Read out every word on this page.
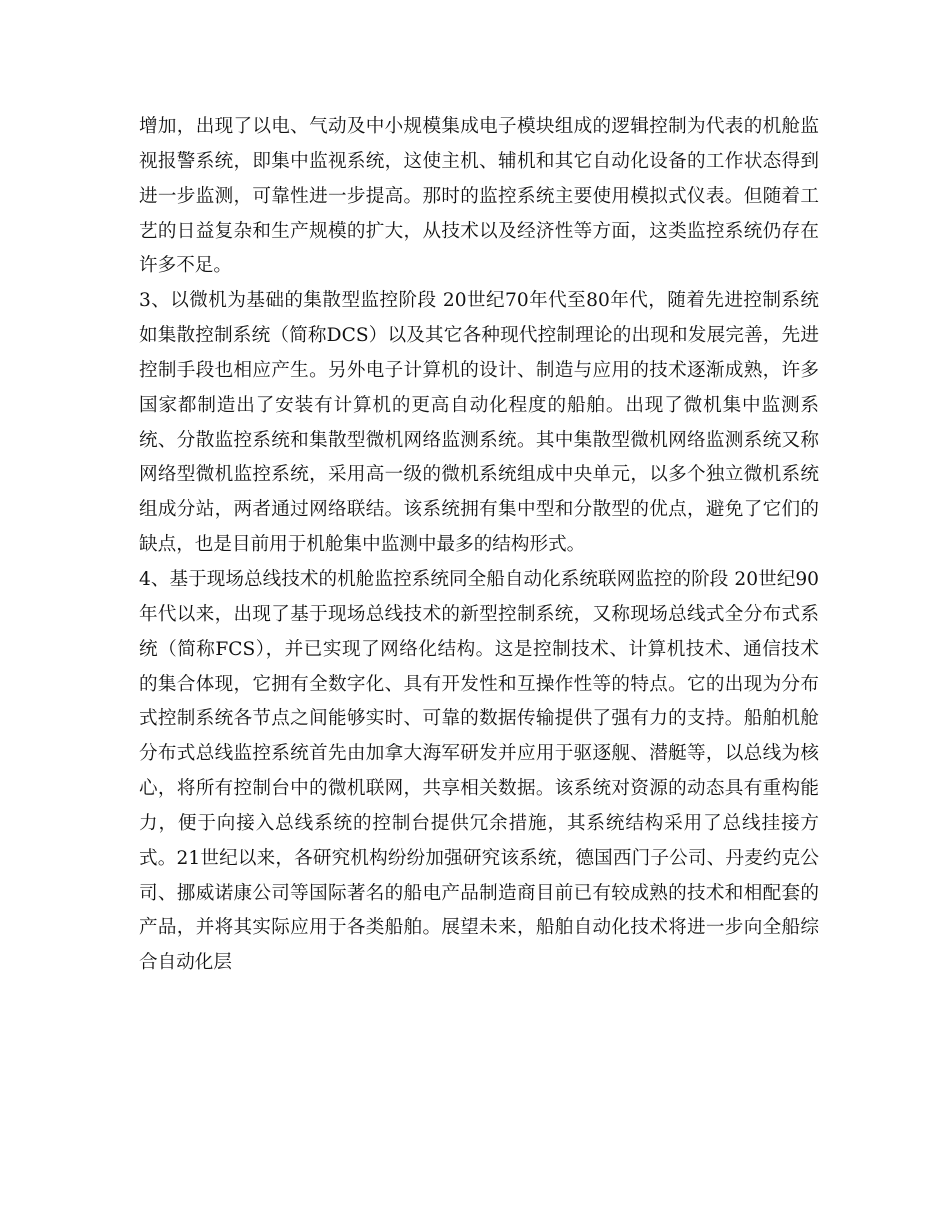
增加，出现了以电、气动及中小规模集成电子模块组成的逻辑控制为代表的机舱监视报警系统，即集中监视系统，这使主机、辅机和其它自动化设备的工作状态得到进一步监测，可靠性进一步提高。那时的监控系统主要使用模拟式仪表。但随着工艺的日益复杂和生产规模的扩大，从技术以及经济性等方面，这类监控系统仍存在许多不足。

3、以微机为基础的集散型监控阶段 20世纪70年代至80年代，随着先进控制系统如集散控制系统（简称DCS）以及其它各种现代控制理论的出现和发展完善，先进控制手段也相应产生。另外电子计算机的设计、制造与应用的技术逐渐成熟，许多国家都制造出了安装有计算机的更高自动化程度的船舶。出现了微机集中监测系统、分散监控系统和集散型微机网络监测系统。其中集散型微机网络监测系统又称网络型微机监控系统，采用高一级的微机系统组成中央单元，以多个独立微机系统组成分站，两者通过网络联结。该系统拥有集中型和分散型的优点，避免了它们的缺点，也是目前用于机舱集中监测中最多的结构形式。

4、基于现场总线技术的机舱监控系统同全船自动化系统联网监控的阶段 20世纪90年代以来，出现了基于现场总线技术的新型控制系统，又称现场总线式全分布式系统（简称FCS），并已实现了网络化结构。这是控制技术、计算机技术、通信技术的集合体现，它拥有全数字化、具有开发性和互操作性等的特点。它的出现为分布式控制系统各节点之间能够实时、可靠的数据传输提供了强有力的支持。船舶机舱分布式总线监控系统首先由加拿大海军研发并应用于驱逐舰、潜艇等，以总线为核心，将所有控制台中的微机联网，共享相关数据。该系统对资源的动态具有重构能力，便于向接入总线系统的控制台提供冗余措施，其系统结构采用了总线挂接方式。21世纪以来，各研究机构纷纷加强研究该系统，德国西门子公司、丹麦约克公司、挪威诺康公司等国际著名的船电产品制造商目前已有较成熟的技术和相配套的产品，并将其实际应用于各类船舶。展望未来，船舶自动化技术将进一步向全船综合自动化层
